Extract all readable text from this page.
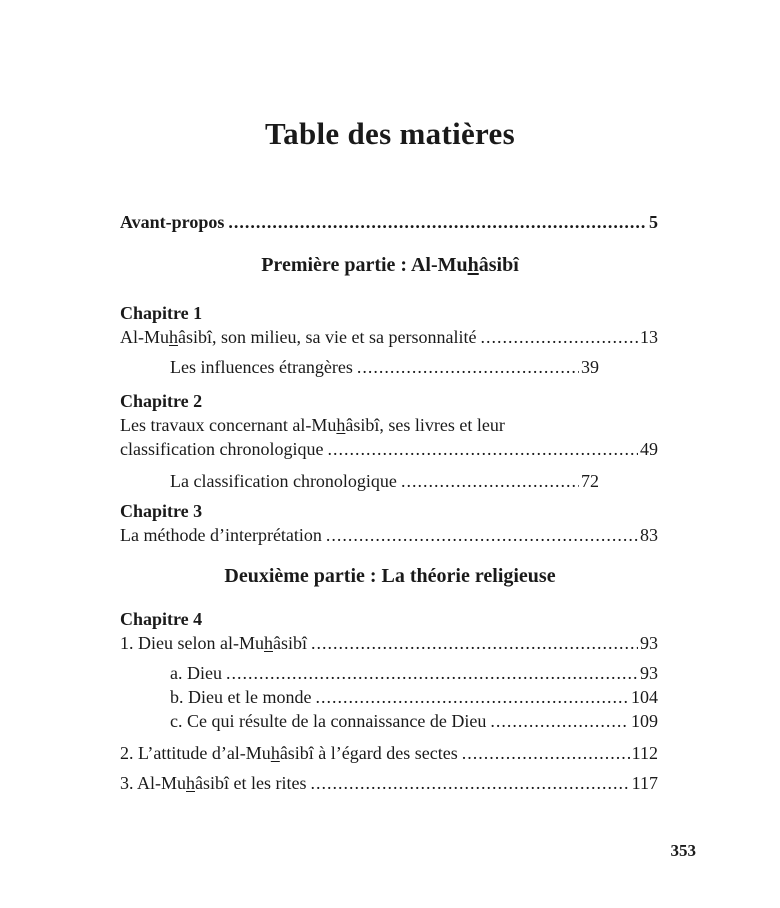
Table des matières
Avant-propos .....	5
Première partie : Al-Muhâsibî
Chapitre 1
Al-Muhâsibî, son milieu, sa vie et sa personnalité .....	13
Les influences étrangères .....	39
Chapitre 2
Les travaux concernant al-Muhâsibî, ses livres et leur
classification chronologique .....	49
La classification chronologique .....	72
Chapitre 3
La méthode d’interprétation .....	83
Deuxième partie : La théorie religieuse
Chapitre 4
1. Dieu selon al-Muhâsibî .....	93
a. Dieu .....	93
b. Dieu et le monde .....	104
c. Ce qui résulte de la connaissance de Dieu .....	109
2. L’attitude d’al-Muhâsibî à l’égard des sectes .....	112
3. Al-Muhâsibî et les rites .....	117
353
